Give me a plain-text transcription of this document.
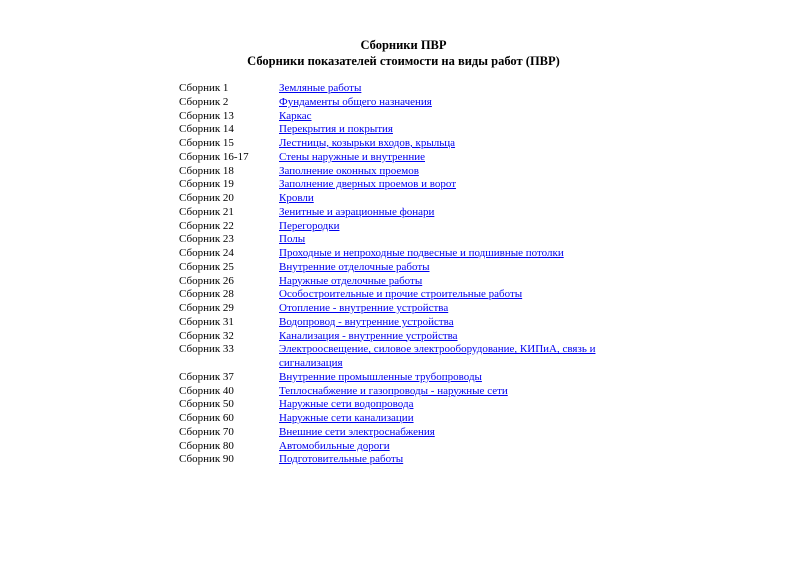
Сборники ПВР
Сборники показателей стоимости на виды работ (ПВР)
Сборник 1	Земляные работы
Сборник 2	Фундаменты общего назначения
Сборник 13	Каркас
Сборник 14	Перекрытия и покрытия
Сборник 15	Лестницы, козырьки входов, крыльца
Сборник 16-17	Стены наружные и внутренние
Сборник 18	Заполнение оконных проемов
Сборник 19	Заполнение дверных проемов и ворот
Сборник 20	Кровли
Сборник 21	Зенитные и аэрационные фонари
Сборник 22	Перегородки
Сборник 23	Полы
Сборник 24	Проходные и непроходные подвесные и подшивные потолки
Сборник 25	Внутренние отделочные работы
Сборник 26	Наружные отделочные работы
Сборник 28	Особостроительные и прочие строительные работы
Сборник 29	Отопление - внутренние устройства
Сборник 31	Водопровод - внутренние устройства
Сборник 32	Канализация - внутренние устройства
Сборник 33	Электроосвещение, силовое электрооборудование, КИПиА, связь и сигнализация
Сборник 37	Внутренние промышленные трубопроводы
Сборник 40	Теплоснабжение и газопроводы - наружные сети
Сборник 50	Наружные сети водопровода
Сборник 60	Наружные сети канализации
Сборник 70	Внешние сети электроснабжения
Сборник 80	Автомобильные дороги
Сборник 90	Подготовительные работы
